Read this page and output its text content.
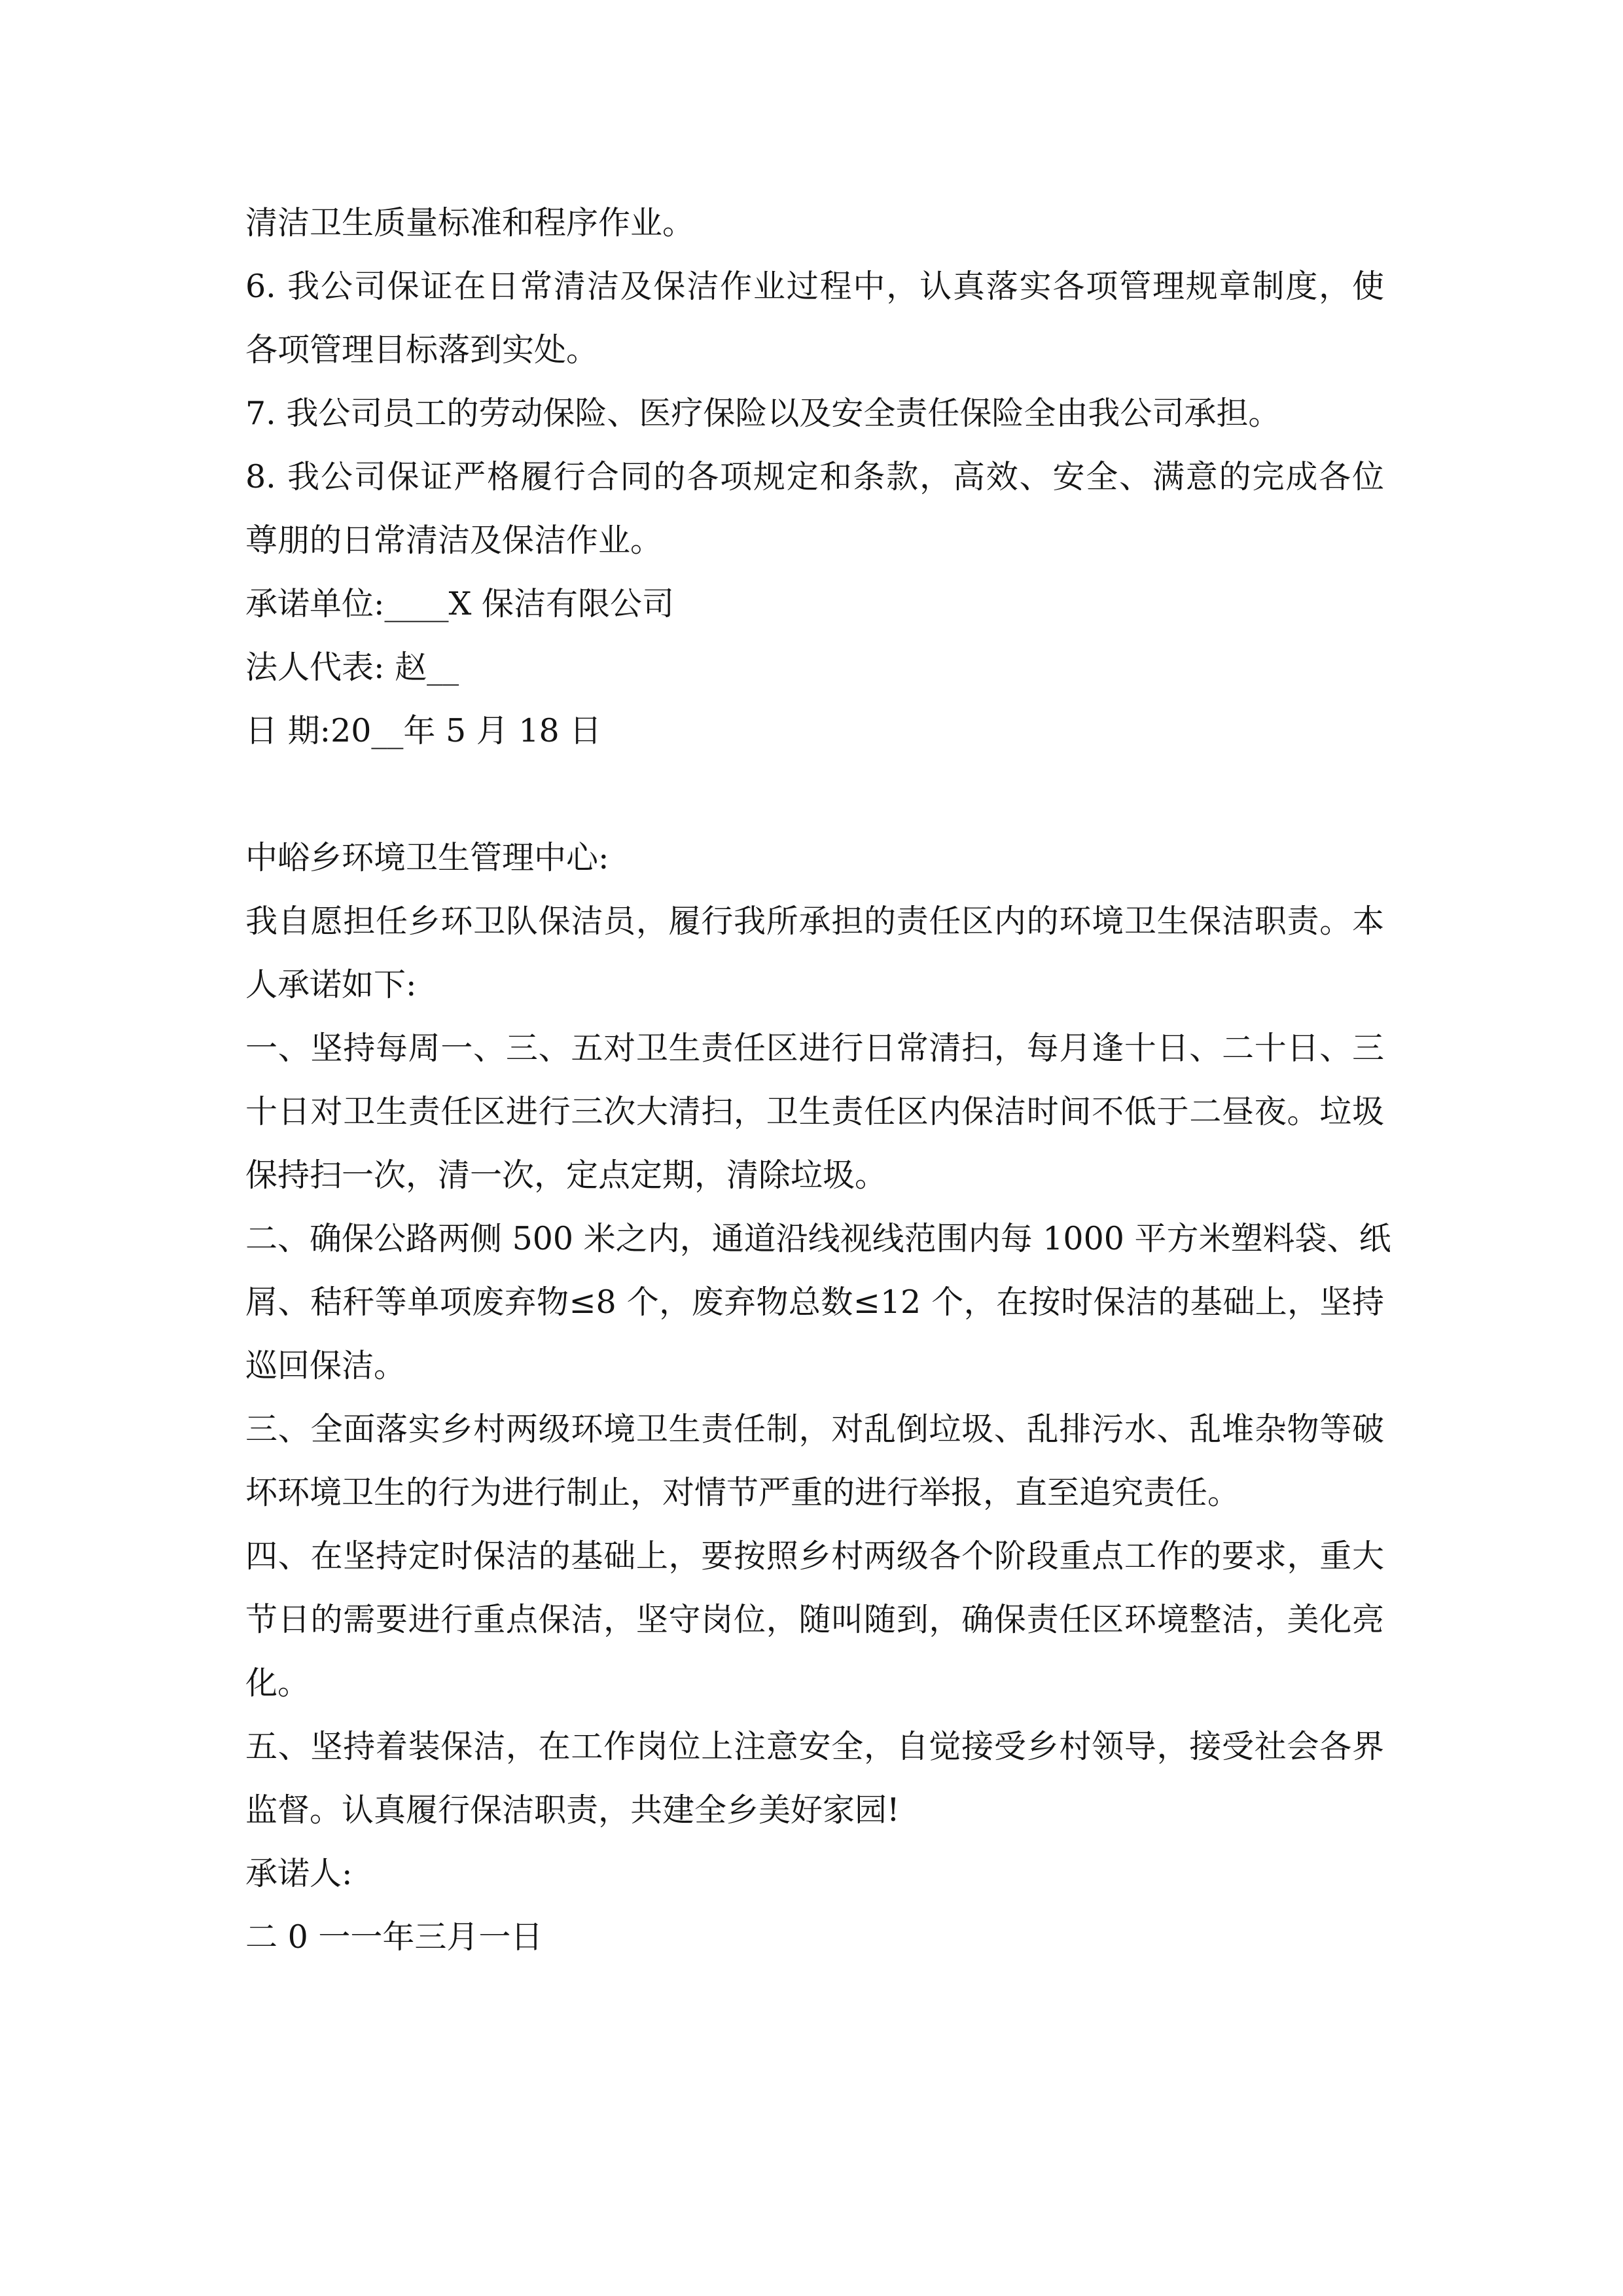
清洁卫生质量标准和程序作业。
6. 我公司保证在日常清洁及保洁作业过程中，认真落实各项管理规章制度，使
各项管理目标落到实处。
7. 我公司员工的劳动保险、医疗保险以及安全责任保险全由我公司承担。
8. 我公司保证严格履行合同的各项规定和条款，高效、安全、满意的完成各位
尊朋的日常清洁及保洁作业。
承诺单位:____X 保洁有限公司
法人代表: 赵__
日 期:20__年 5 月 18 日
中峪乡环境卫生管理中心:
我自愿担任乡环卫队保洁员，履行我所承担的责任区内的环境卫生保洁职责。本
人承诺如下:
一、坚持每周一、三、五对卫生责任区进行日常清扫，每月逢十日、二十日、三
十日对卫生责任区进行三次大清扫，卫生责任区内保洁时间不低于二昼夜。垃圾
保持扫一次，清一次，定点定期，清除垃圾。
二、确保公路两侧 500 米之内，通道沿线视线范围内每 1000 平方米塑料袋、纸
屑、秸秆等单项废弃物≤8 个，废弃物总数≤12 个，在按时保洁的基础上，坚持
巡回保洁。
三、全面落实乡村两级环境卫生责任制，对乱倒垃圾、乱排污水、乱堆杂物等破
坏环境卫生的行为进行制止，对情节严重的进行举报，直至追究责任。
四、在坚持定时保洁的基础上，要按照乡村两级各个阶段重点工作的要求，重大
节日的需要进行重点保洁，坚守岗位，随叫随到，确保责任区环境整洁，美化亮
化。
五、坚持着装保洁，在工作岗位上注意安全，自觉接受乡村领导，接受社会各界
监督。认真履行保洁职责，共建全乡美好家园!
承诺人:
二 0 一一年三月一日
